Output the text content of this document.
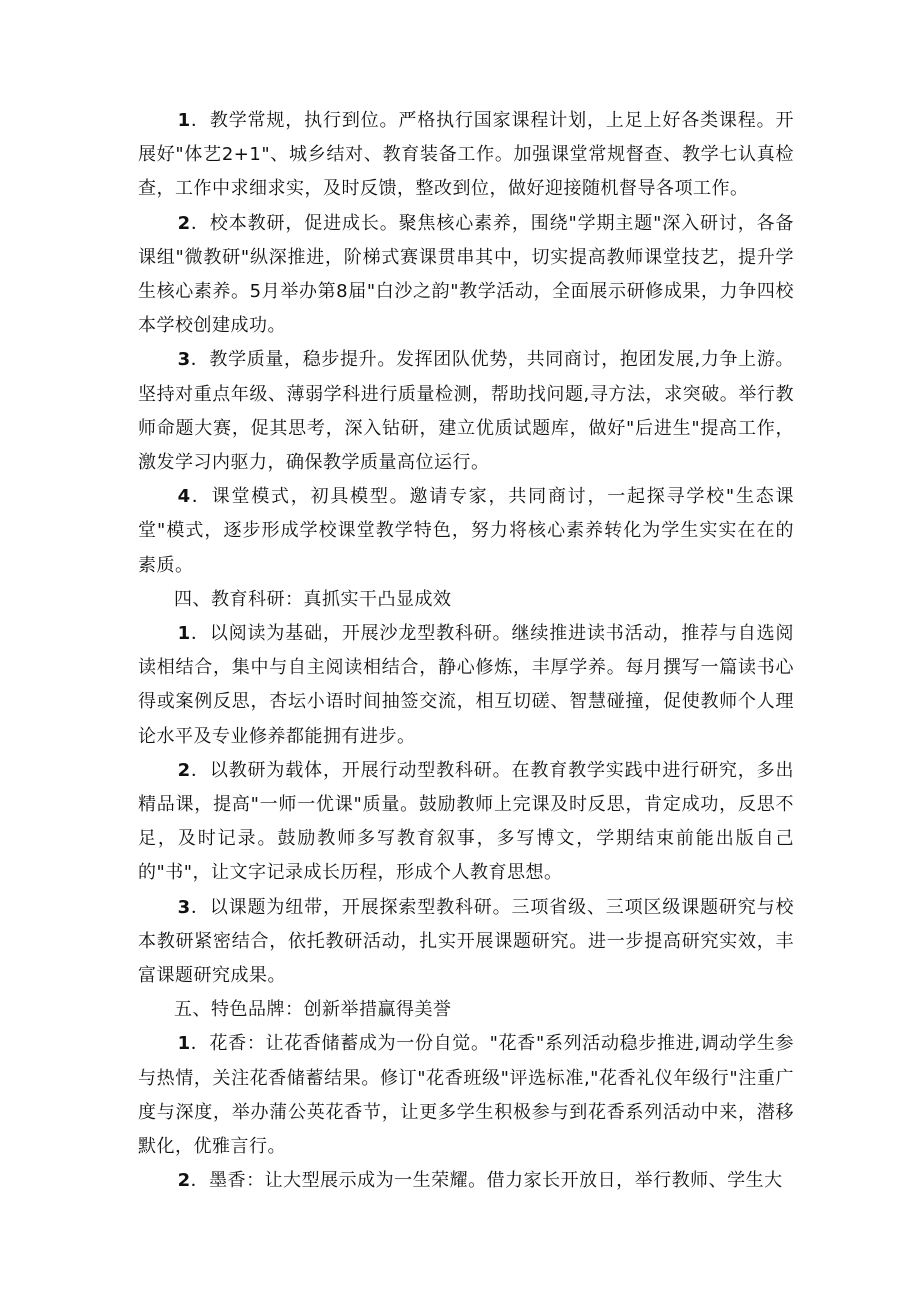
1．教学常规，执行到位。严格执行国家课程计划，上足上好各类课程。开展好"体艺2+1"、城乡结对、教育装备工作。加强课堂常规督查、教学七认真检查，工作中求细求实，及时反馈，整改到位，做好迎接随机督导各项工作。

2．校本教研，促进成长。聚焦核心素养，围绕"学期主题"深入研讨，各备课组"微教研"纵深推进，阶梯式赛课贯串其中，切实提高教师课堂技艺，提升学生核心素养。5月举办第8届"白沙之韵"教学活动，全面展示研修成果，力争四校本学校创建成功。

3．教学质量，稳步提升。发挥团队优势，共同商讨，抱团发展,力争上游。坚持对重点年级、薄弱学科进行质量检测，帮助找问题,寻方法，求突破。举行教师命题大赛，促其思考，深入钻研，建立优质试题库，做好"后进生"提高工作，激发学习内驱力，确保教学质量高位运行。

4．课堂模式，初具模型。邀请专家，共同商讨，一起探寻学校"生态课堂"模式，逐步形成学校课堂教学特色，努力将核心素养转化为学生实实在在的素质。

四、教育科研：真抓实干凸显成效

1．以阅读为基础，开展沙龙型教科研。继续推进读书活动，推荐与自选阅读相结合，集中与自主阅读相结合，静心修炼，丰厚学养。每月撰写一篇读书心得或案例反思，杏坛小语时间抽签交流，相互切磋、智慧碰撞，促使教师个人理论水平及专业修养都能拥有进步。

2．以教研为载体，开展行动型教科研。在教育教学实践中进行研究，多出精品课，提高"一师一优课"质量。鼓励教师上完课及时反思，肯定成功，反思不足，及时记录。鼓励教师多写教育叙事，多写博文，学期结束前能出版自己的"书"，让文字记录成长历程，形成个人教育思想。

3．以课题为纽带，开展探索型教科研。三项省级、三项区级课题研究与校本教研紧密结合，依托教研活动，扎实开展课题研究。进一步提高研究实效，丰富课题研究成果。

五、特色品牌：创新举措赢得美誉

1．花香：让花香储蓄成为一份自觉。"花香"系列活动稳步推进,调动学生参与热情，关注花香储蓄结果。修订"花香班级"评选标准,"花香礼仪年级行"注重广度与深度，举办蒲公英花香节，让更多学生积极参与到花香系列活动中来，潜移默化，优雅言行。

2．墨香：让大型展示成为一生荣耀。借力家长开放日，举行教师、学生大
